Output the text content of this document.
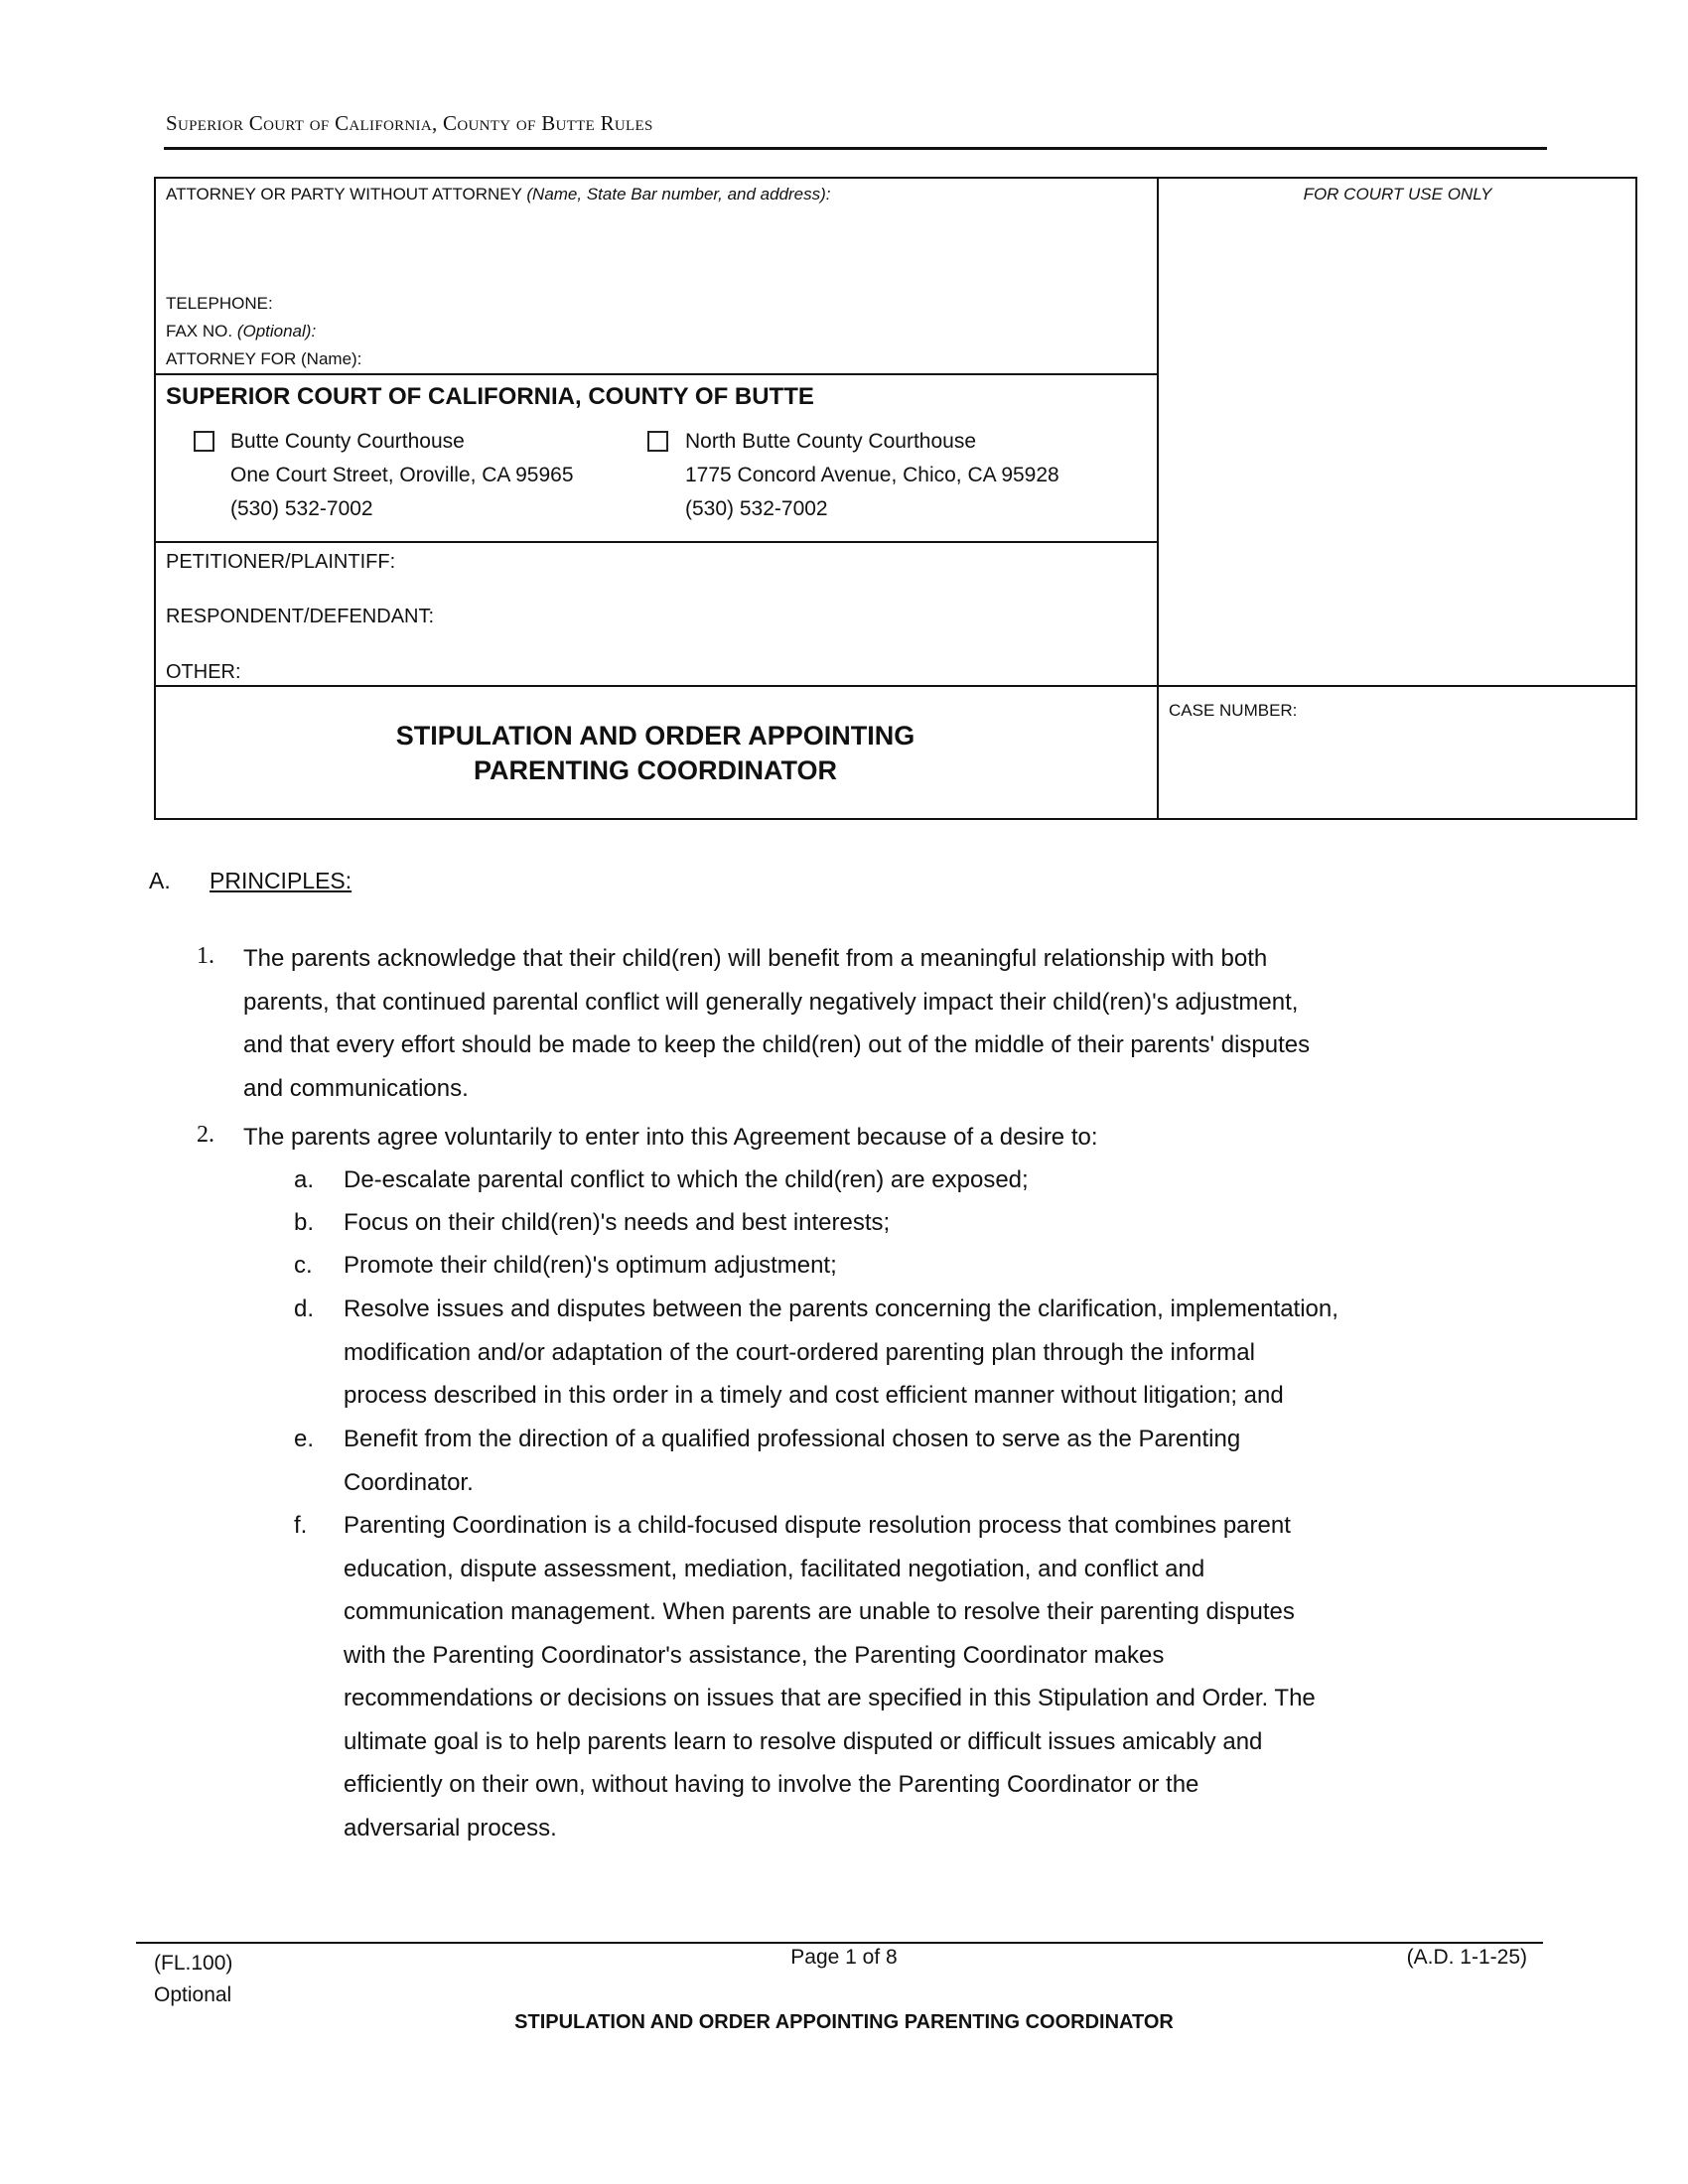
Superior Court of California, County of Butte Rules
ATTORNEY OR PARTY WITHOUT ATTORNEY (Name, State Bar number, and address):	FOR COURT USE ONLY
TELEPHONE:
FAX NO. (Optional):
ATTORNEY FOR (Name):
SUPERIOR COURT OF CALIFORNIA, COUNTY OF BUTTE
Butte County Courthouse
One Court Street, Oroville, CA 95965
(530) 532-7002
North Butte County Courthouse
1775 Concord Avenue, Chico, CA 95928
(530) 532-7002
PETITIONER/PLAINTIFF:
RESPONDENT/DEFENDANT:
OTHER:
STIPULATION AND ORDER APPOINTING
PARENTING COORDINATOR
CASE NUMBER:
A. PRINCIPLES:
1. The parents acknowledge that their child(ren) will benefit from a meaningful relationship with both
parents, that continued parental conflict will generally negatively impact their child(ren)'s adjustment,
and that every effort should be made to keep the child(ren) out of the middle of their parents' disputes
and communications.
2. The parents agree voluntarily to enter into this Agreement because of a desire to:
a. De-escalate parental conflict to which the child(ren) are exposed;
b. Focus on their child(ren)'s needs and best interests;
c. Promote their child(ren)'s optimum adjustment;
d. Resolve issues and disputes between the parents concerning the clarification, implementation,
modification and/or adaptation of the court-ordered parenting plan through the informal
process described in this order in a timely and cost efficient manner without litigation; and
e. Benefit from the direction of a qualified professional chosen to serve as the Parenting
Coordinator.
f. Parenting Coordination is a child-focused dispute resolution process that combines parent
education, dispute assessment, mediation, facilitated negotiation, and conflict and
communication management. When parents are unable to resolve their parenting disputes
with the Parenting Coordinator's assistance, the Parenting Coordinator makes
recommendations or decisions on issues that are specified in this Stipulation and Order. The
ultimate goal is to help parents learn to resolve disputed or difficult issues amicably and
efficiently on their own, without having to involve the Parenting Coordinator or the
adversarial process.
(FL.100)
Optional
Page 1 of 8	(A.D. 1-1-25)
STIPULATION AND ORDER APPOINTING PARENTING COORDINATOR
